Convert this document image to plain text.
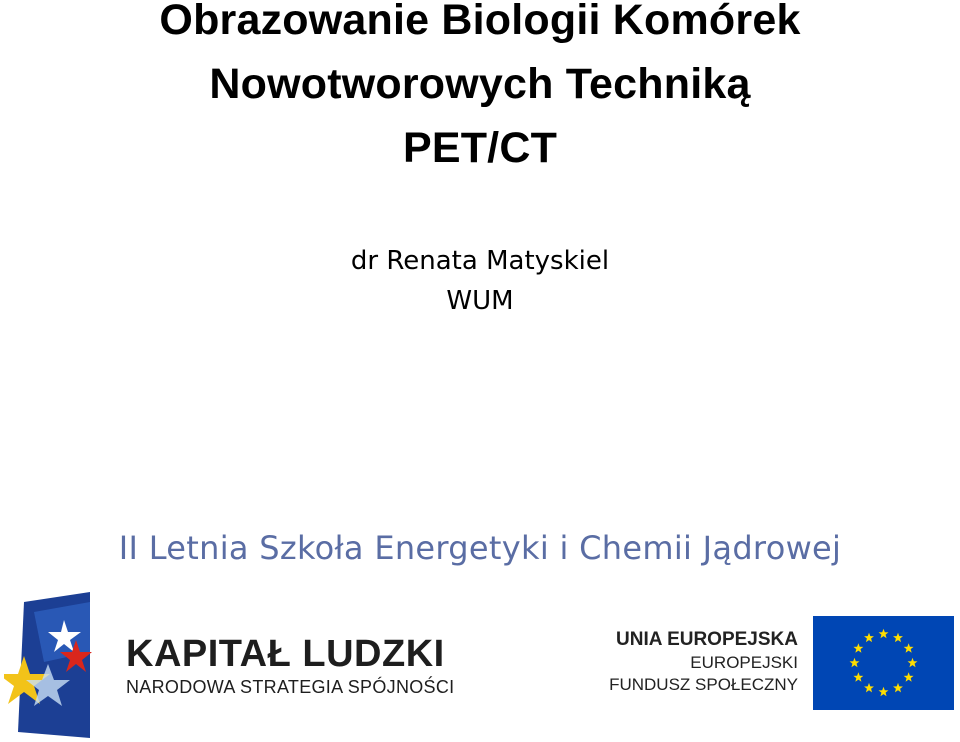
Obrazowanie Biologii Komórek
Nowotworowych Techniką
PET/CT
dr Renata Matyskiel
WUM
II Letnia Szkoła Energetyki i Chemii Jądrowej
KAPITAŁ LUDZKI
NARODOWA STRATEGIA SPÓJNOŚCI
UNIA EUROPEJSKA
EUROPEJSKI
FUNDUSZ SPOŁECZNY
